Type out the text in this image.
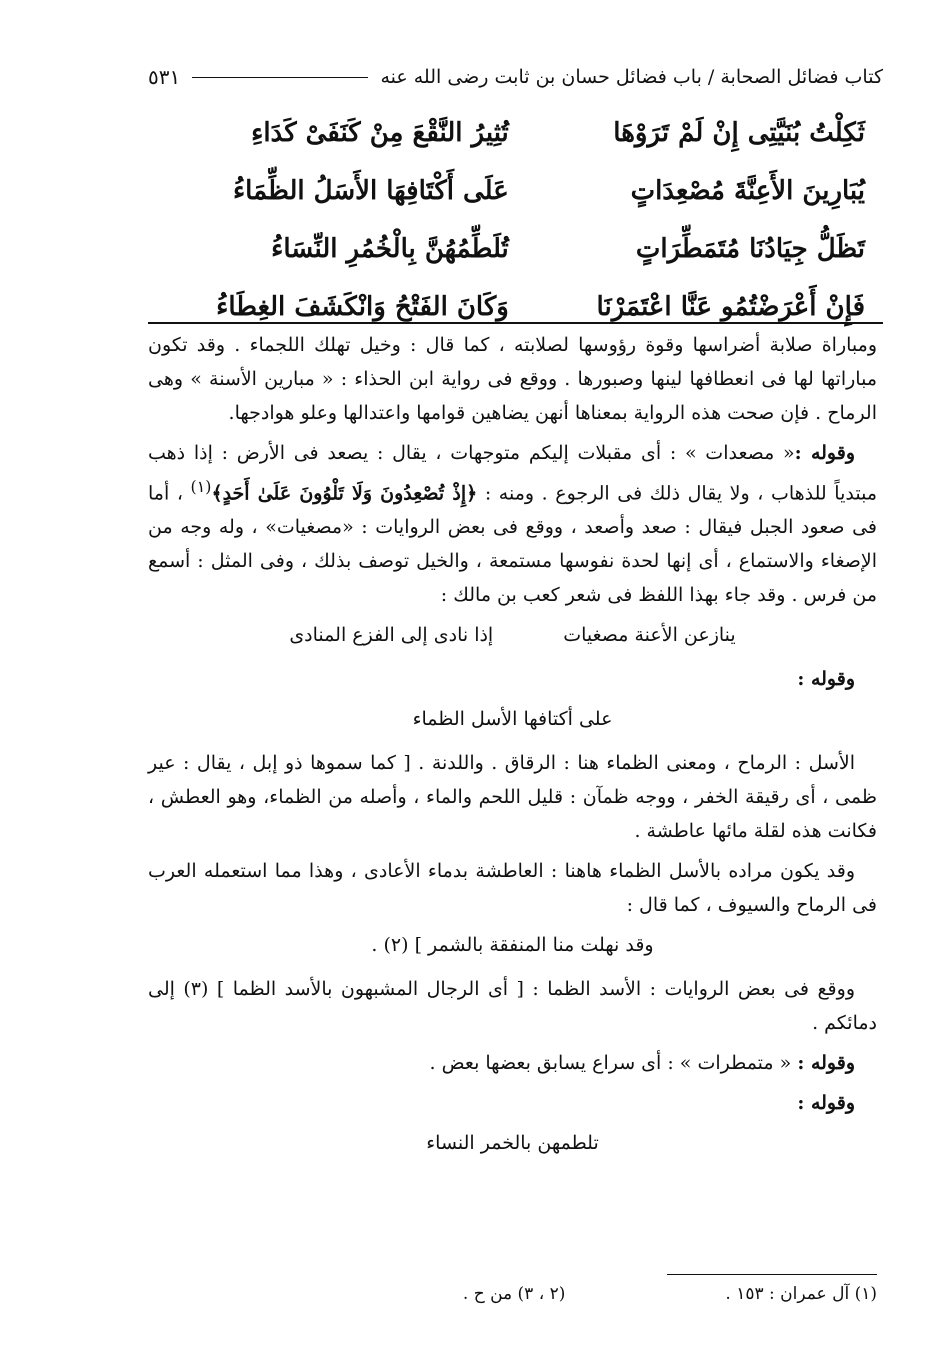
كتاب فضائل الصحابة / باب فضائل حسان بن ثابت رضى الله عنه
٥٣١
ثَكِلْتُ بُنَيَّتِى إِنْ لَمْ تَرَوْهَا
تُثِيرُ النَّقْعَ مِنْ كَنَفَىْ كَدَاءِ
يُبَارِينَ الأَعِنَّةَ مُصْعِدَاتٍ
عَلَى أَكْتَافِهَا الأَسَلُ الظِّمَاءُ
تَظَلُّ جِيَادُنَا مُتَمَطِّرَاتٍ
تُلَطِّمُهُنَّ بِالْخُمُرِ النِّسَاءُ
فَإِنْ أَعْرَضْتُمُو عَنَّا اعْتَمَرْنَا
وَكَانَ الفَتْحُ وَانْكَشَفَ الغِطَاءُ

ومباراة صلابة أضراسها وقوة رؤوسها لصلابته ، كما قال : وخيل تهلك اللجماء . وقد تكون مباراتها لها فى انعطافها لينها وصبورها . ووقع فى رواية ابن الحذاء : « مبارين الأسنة » وهى الرماح . فإن صحت هذه الرواية بمعناها أنهن يضاهين قوامها واعتدالها وعلو هوادجها.

وقوله :« مصعدات » : أى مقبلات إليكم متوجهات ، يقال : يصعد فى الأرض : إذا ذهب مبتدياً للذهاب ، ولا يقال ذلك فى الرجوع . ومنه : ﴿إِذْ تُصْعِدُونَ وَلَا تَلْوُونَ عَلَىٰ أَحَدٍ﴾$^{(١)}$ ، أما فى صعود الجبل فيقال : صعد وأصعد ، ووقع فى بعض الروايات : «مصغيات» ، وله وجه من الإصغاء والاستماع ، أى إنها لحدة نفوسها مستمعة ، والخيل توصف بذلك ، وفى المثل : أسمع من فرس . وقد جاء بهذا اللفظ فى شعر كعب بن مالك :

ينازعن الأعنة مصغيات
إذا نادى إلى الفزع المنادى
وقوله :
على أكتافها الأسل الظماء

الأسل : الرماح ، ومعنى الظماء هنا : الرقاق . واللدنة . [ كما سموها ذو إبل ، يقال : عير ظمى ، أى رقيقة الخفر ، ووجه ظمآن : قليل اللحم والماء ، وأصله من الظماء، وهو العطش ، فكانت هذه لقلة مائها عاطشة .

وقد يكون مراده بالأسل الظماء هاهنا : العاطشة بدماء الأعادى ، وهذا مما استعمله العرب فى الرماح والسيوف ، كما قال :

وقد نهلت منا المنفقة بالشمر ] (٢) .

ووقع فى بعض الروايات : الأسد الظما : [ أى الرجال المشبهون بالأسد الظما ] (٣) إلى دمائكم .

وقوله : « متمطرات » : أى سراع يسابق بعضها بعض .

وقوله :
تلطمهن بالخمر النساء
(١) آل عمران : ١٥٣ .
(٢ ، ٣) من ح .
